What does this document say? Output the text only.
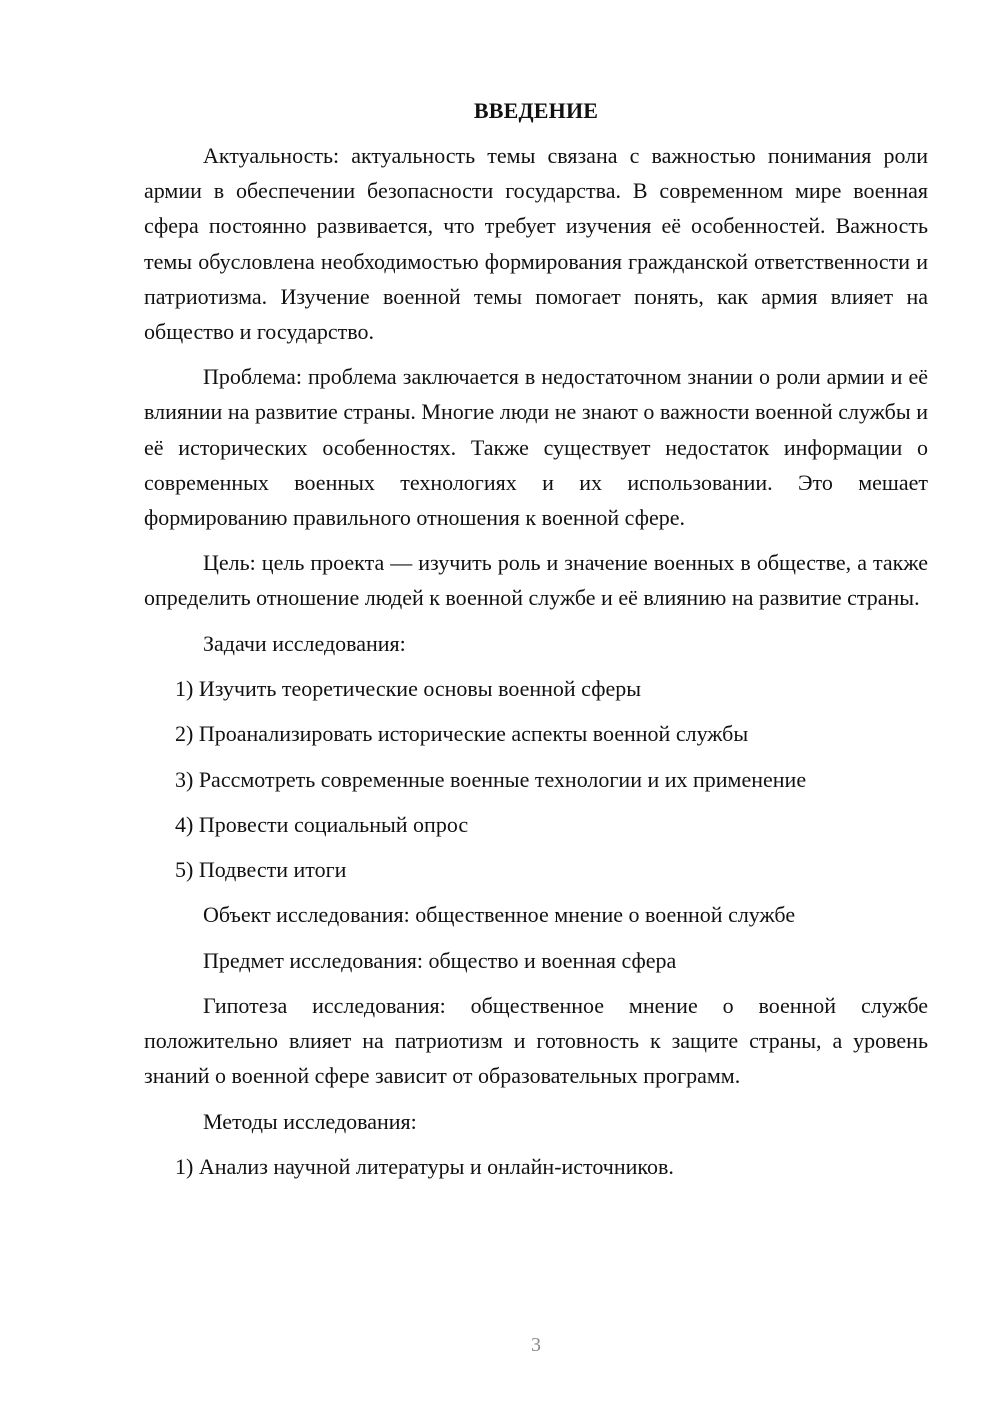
ВВЕДЕНИЕ

Актуальность: актуальность темы связана с важностью понимания роли армии в обеспечении безопасности государства. В современном мире военная сфера постоянно развивается, что требует изучения её особенностей. Важность темы обусловлена необходимостью формирования гражданской ответственности и патриотизма. Изучение военной темы помогает понять, как армия влияет на общество и государство.

Проблема: проблема заключается в недостаточном знании о роли армии и её влиянии на развитие страны. Многие люди не знают о важности военной службы и её исторических особенностях. Также существует недостаток информации о современных военных технологиях и их использовании. Это мешает формированию правильного отношения к военной сфере.

Цель: цель проекта — изучить роль и значение военных в обществе, а также определить отношение людей к военной службе и её влиянию на развитие страны.

Задачи исследования:

1) Изучить теоретические основы военной сферы

2) Проанализировать исторические аспекты военной службы

3) Рассмотреть современные военные технологии и их применение

4) Провести социальный опрос

5) Подвести итоги

Объект исследования: общественное мнение о военной службе

Предмет исследования: общество и военная сфера

Гипотеза исследования: общественное мнение о военной службе положительно влияет на патриотизм и готовность к защите страны, а уровень знаний о военной сфере зависит от образовательных программ.

Методы исследования:

1) Анализ научной литературы и онлайн-источников.

3
